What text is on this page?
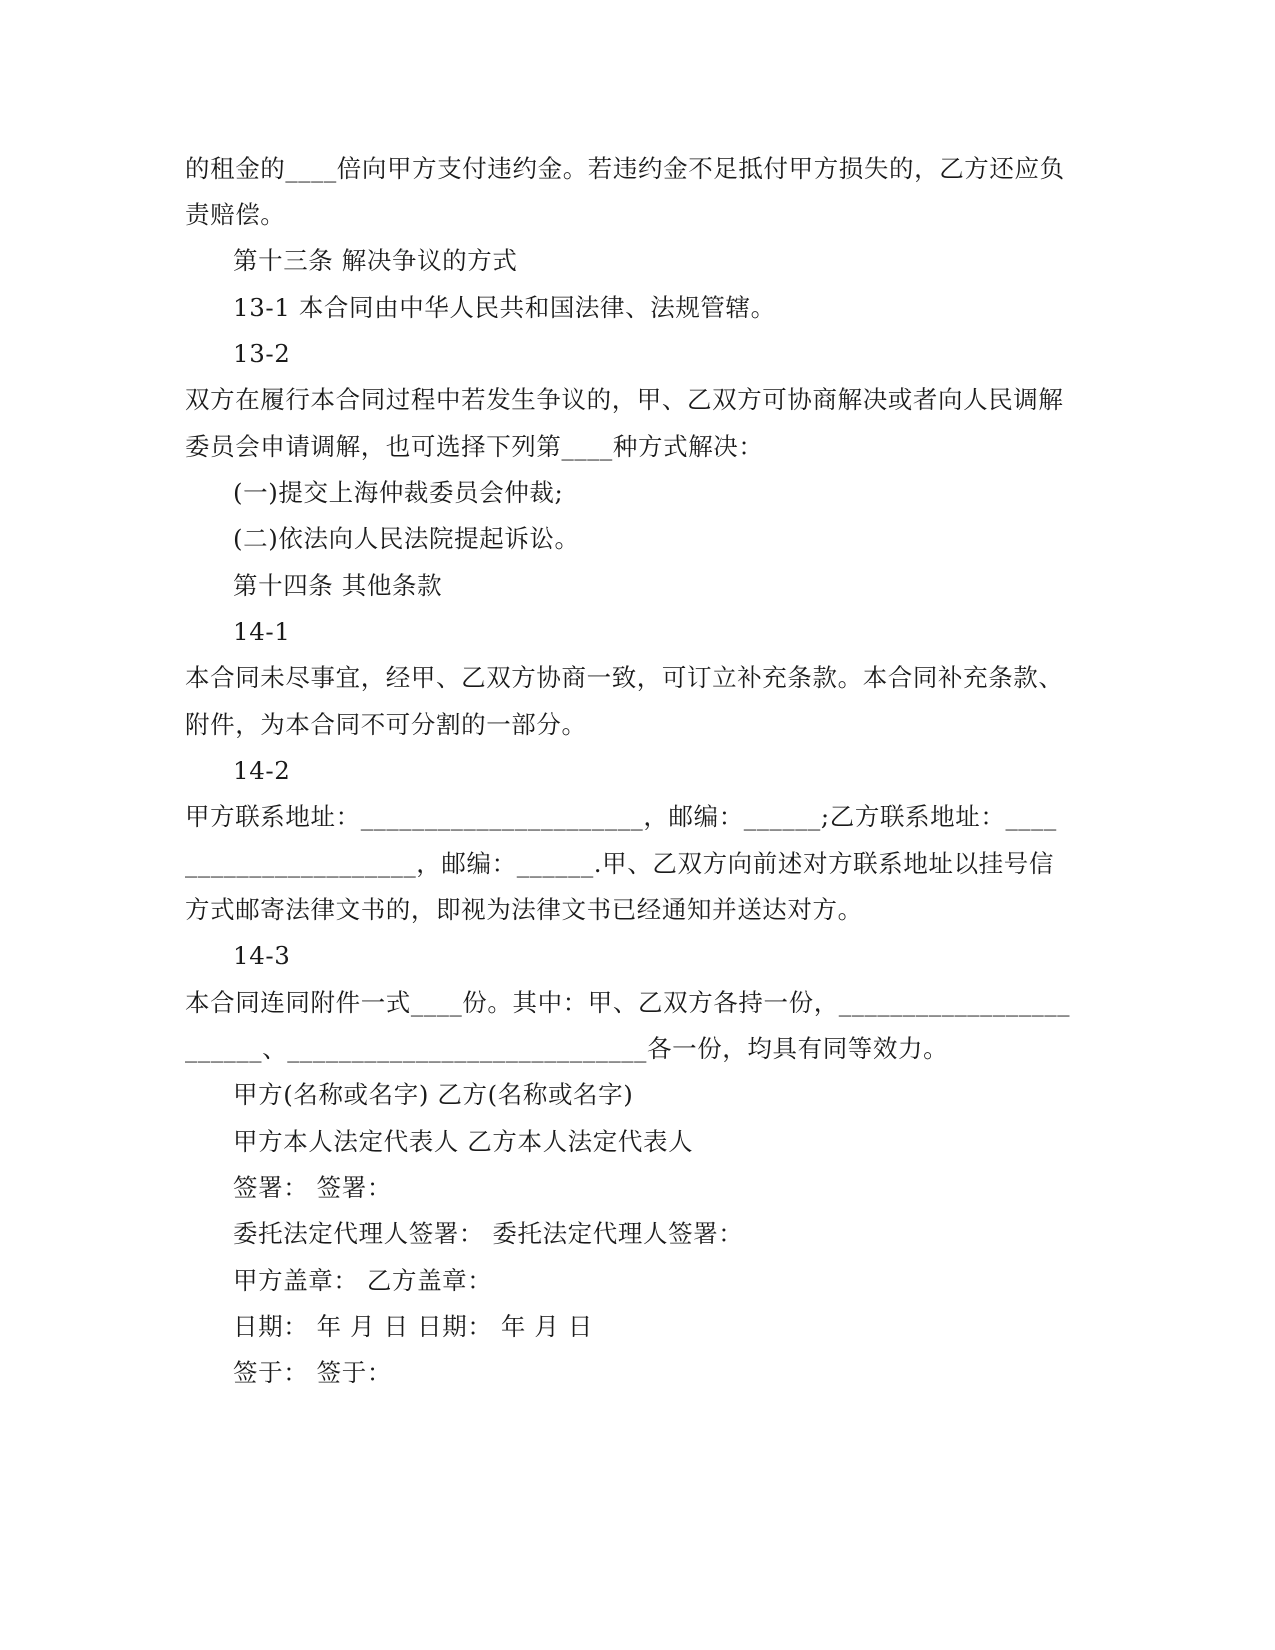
的租金的____倍向甲方支付违约金。若违约金不足抵付甲方损失的，乙方还应负
责赔偿。
第十三条 解决争议的方式
13-1 本合同由中华人民共和国法律、法规管辖。
13-2
双方在履行本合同过程中若发生争议的，甲、乙双方可协商解决或者向人民调解
委员会申请调解，也可选择下列第____种方式解决：
(一)提交上海仲裁委员会仲裁;
(二)依法向人民法院提起诉讼。
第十四条 其他条款
14-1
本合同未尽事宜，经甲、乙双方协商一致，可订立补充条款。本合同补充条款、
附件，为本合同不可分割的一部分。
14-2
甲方联系地址：______________________，邮编：______;乙方联系地址：____
__________________，邮编：______.甲、乙双方向前述对方联系地址以挂号信
方式邮寄法律文书的，即视为法律文书已经通知并送达对方。
14-3
本合同连同附件一式____份。其中：甲、乙双方各持一份，__________________
______、____________________________各一份，均具有同等效力。
甲方(名称或名字) 乙方(名称或名字)
甲方本人法定代表人 乙方本人法定代表人
签署： 签署：
委托法定代理人签署： 委托法定代理人签署：
甲方盖章： 乙方盖章：
日期： 年 月 日 日期： 年 月 日
签于： 签于：
